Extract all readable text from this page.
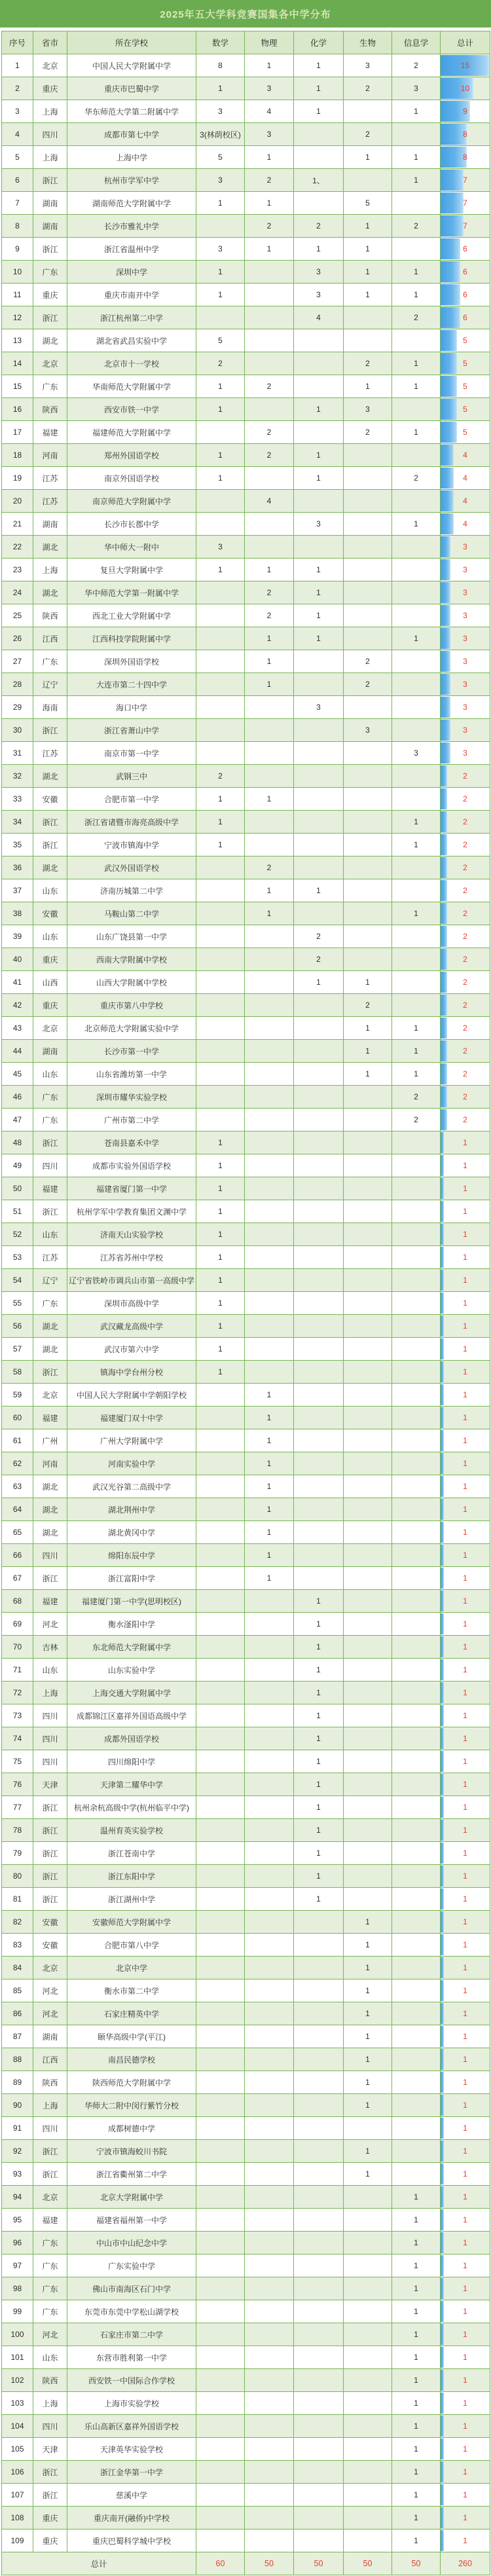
2025年五大学科竞赛国集各中学分布
序号	省市	所在学校	数学	物理	化学	生物	信息学	总计
1	北京	中国人民大学附属中学	8	1	1	3	2	15
2	重庆	重庆市巴蜀中学	1	3	1	2	3	10
3	上海	华东师范大学第二附属中学	3	4	1		1	9
4	四川	成都市第七中学	3(林荫校区)	3		2		8
5	上海	上海中学	5	1		1	1	8
6	浙江	杭州市学军中学	3	2	1、		1	7
7	湖南	湖南师范大学附属中学	1	1		5		7
8	湖南	长沙市雅礼中学		2	2	1	2	7
9	浙江	浙江省温州中学	3	1	1	1		6
10	广东	深圳中学	1		3	1	1	6
11	重庆	重庆市南开中学	1		3	1	1	6
12	浙江	浙江杭州第二中学			4		2	6
13	湖北	湖北省武昌实验中学	5					5
14	北京	北京市十一学校	2			2	1	5
15	广东	华南师范大学附属中学	1	2		1	1	5
16	陕西	西安市铁一中学	1		1	3		5
17	福建	福建师范大学附属中学		2		2	1	5
18	河南	郑州外国语学校	1	2	1			4
19	江苏	南京外国语学校	1		1		2	4
20	江苏	南京师范大学附属中学		4				4
21	湖南	长沙市长郡中学			3		1	4
22	湖北	华中师大一附中	3					3
23	上海	复旦大学附属中学	1	1	1			3
24	湖北	华中师范大学第一附属中学		2	1			3
25	陕西	西北工业大学附属中学		2	1			3
26	江西	江西科技学院附属中学		1	1		1	3
27	广东	深圳外国语学校		1		2		3
28	辽宁	大连市第二十四中学		1		2		3
29	海南	海口中学			3			3
30	浙江	浙江省萧山中学				3		3
31	江苏	南京市第一中学					3	3
32	湖北	武钢三中	2					2
33	安徽	合肥市第一中学	1	1				2
34	浙江	浙江省诸暨市海亮高级中学	1				1	2
35	浙江	宁波市镇海中学	1				1	2
36	湖北	武汉外国语学校		2				2
37	山东	济南历城第二中学		1	1			2
38	安徽	马鞍山第二中学		1			1	2
39	山东	山东广饶县第一中学			2			2
40	重庆	西南大学附属中学校			2			2
41	山西	山西大学附属中学校			1	1		2
42	重庆	重庆市第八中学校				2		2
43	北京	北京师范大学附属实验中学				1	1	2
44	湖南	长沙市第一中学				1	1	2
45	山东	山东省潍坊第一中学				1	1	2
46	广东	深圳市耀华实验学校					2	2
47	广东	广州市第二中学					2	2
48	浙江	苍南县嘉禾中学	1					1
49	四川	成都市实验外国语学校	1					1
50	福建	福建省厦门第一中学	1					1
51	浙江	杭州学军中学教育集团文渊中学	1					1
52	山东	济南天山实验学校	1					1
53	江苏	江苏省苏州中学校	1					1
54	辽宁	辽宁省铁岭市调兵山市第一高级中学	1					1
55	广东	深圳市高级中学	1					1
56	湖北	武汉藏龙高级中学	1					1
57	湖北	武汉市第六中学	1					1
58	浙江	镇海中学台州分校	1					1
59	北京	中国人民大学附属中学朝阳学校		1				1
60	福建	福建厦门双十中学		1				1
61	广州	广州大学附属中学		1				1
62	河南	河南实验中学		1				1
63	湖北	武汉光谷第二高级中学		1				1
64	湖北	湖北荆州中学		1				1
65	湖北	湖北黄冈中学		1				1
66	四川	绵阳东辰中学		1				1
67	浙江	浙江富阳中学		1				1
68	福建	福建厦门第一中学(思明校区)			1			1
69	河北	衡水滏阳中学			1			1
70	吉林	东北师范大学附属中学			1			1
71	山东	山东实验中学			1			1
72	上海	上海交通大学附属中学			1			1
73	四川	成都锦江区嘉祥外国语高级中学			1			1
74	四川	成都外国语学校			1			1
75	四川	四川绵阳中学			1			1
76	天津	天津第二耀华中学			1			1
77	浙江	杭州余杭高级中学(杭州临平中学)			1			1
78	浙江	温州育英实验学校			1			1
79	浙江	浙江苍南中学			1			1
80	浙江	浙江东阳中学			1			1
81	浙江	浙江湖州中学			1			1
82	安徽	安徽师范大学附属中学				1		1
83	安徽	合肥市第八中学				1		1
84	北京	北京中学				1		1
85	河北	衡水市第二中学				1		1
86	河北	石家庄精英中学				1		1
87	湖南	颐华高级中学(平江)				1		1
88	江西	南昌民德学校				1		1
89	陕西	陕西师范大学附属中学				1		1
90	上海	华师大二附中闵行紫竹分校				1		1
91	四川	成都树德中学						1
92	浙江	宁波市镇海蛟川书院				1		1
93	浙江	浙江省衢州第二中学				1		1
94	北京	北京大学附属中学					1	1
95	福建	福建省福州第一中学					1	1
96	广东	中山市中山纪念中学					1	1
97	广东	广东实验中学					1	1
98	广东	佛山市南海区石门中学					1	1
99	广东	东莞市东莞中学松山湖学校					1	1
100	河北	石家庄市第二中学					1	1
101	山东	东营市胜利第一中学					1	1
102	陕西	西安铁一中国际合作学校					1	1
103	上海	上海市实验学校					1	1
104	四川	乐山高新区嘉祥外国语学校					1	1
105	天津	天津英华实验学校					1	1
106	浙江	浙江金华第一中学					1	1
107	浙江	慈溪中学					1	1
108	重庆	重庆南开(融侨)中学校					1	1
109	重庆	重庆巴蜀科学城中学校					1	1
总计			60	50	50	50	50	260
